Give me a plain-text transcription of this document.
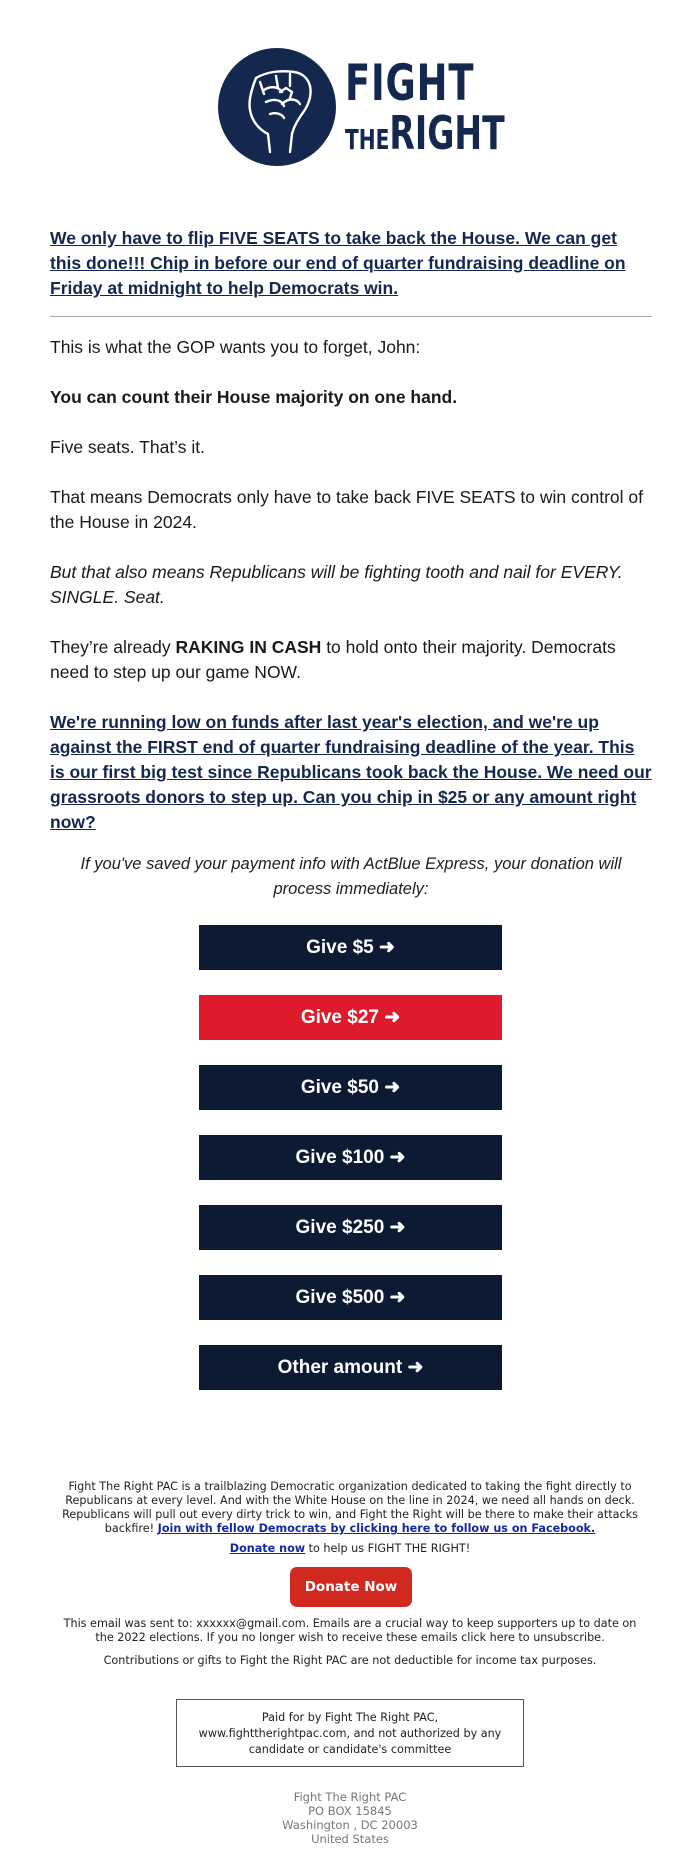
FIGHT
THERIGHT
We only have to flip FIVE SEATS to take back the House. We can get this done!!! Chip in before our end of quarter fundraising deadline on Friday at midnight to help Democrats win.
This is what the GOP wants you to forget, John:
You can count their House majority on one hand.
Five seats. That’s it.
That means Democrats only have to take back FIVE SEATS to win control of the House in 2024.
But that also means Republicans will be fighting tooth and nail for EVERY. SINGLE. Seat.
They’re already RAKING IN CASH to hold onto their majority. Democrats need to step up our game NOW.
We're running low on funds after last year's election, and we're up against the FIRST end of quarter fundraising deadline of the year. This is our first big test since Republicans took back the House. We need our grassroots donors to step up. Can you chip in $25 or any amount right now?
If you've saved your payment info with ActBlue Express, your donation will process immediately:
Give $5 ➜
Give $27 ➜
Give $50 ➜
Give $100 ➜
Give $250 ➜
Give $500 ➜
Other amount ➜
Fight The Right PAC is a trailblazing Democratic organization dedicated to taking the fight directly to Republicans at every level. And with the White House on the line in 2024, we need all hands on deck. Republicans will pull out every dirty trick to win, and Fight the Right will be there to make their attacks backfire! Join with fellow Democrats by clicking here to follow us on Facebook.
Donate now to help us FIGHT THE RIGHT!
Donate Now
This email was sent to: xxxxxx@gmail.com. Emails are a crucial way to keep supporters up to date on the 2022 elections. If you no longer wish to receive these emails click here to unsubscribe.
Contributions or gifts to Fight the Right PAC are not deductible for income tax purposes.
Paid for by Fight The Right PAC, www.fighttherightpac.com, and not authorized by any candidate or candidate's committee
Fight The Right PAC
PO BOX 15845
Washington , DC 20003
United States
